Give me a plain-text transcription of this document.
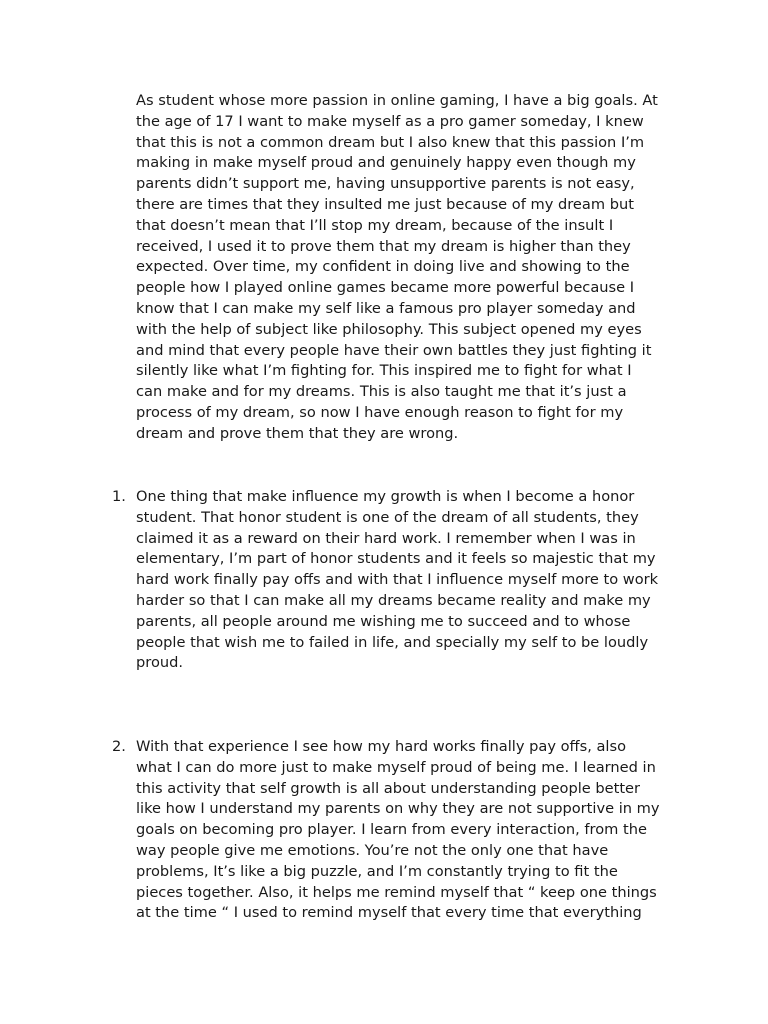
As student whose more passion in online gaming, I have a big goals. At
the age of 17 I want to make myself as a pro gamer someday, I knew
that this is not a common dream but I also knew that this passion I’m
making in make myself proud and genuinely happy even though my
parents didn’t support me, having unsupportive parents is not easy,
there are times that they insulted me just because of my dream but
that doesn’t mean that I’ll stop my dream, because of the insult I
received, I used it to prove them that my dream is higher than they
expected. Over time, my confident in doing live and showing to the
people how I played online games became more powerful because I
know that I can make my self like a famous pro player someday and
with the help of subject like philosophy. This subject opened my eyes
and mind that every people have their own battles they just fighting it
silently like what I’m fighting for. This inspired me to fight for what I
can make and for my dreams. This is also taught me that it’s just a
process of my dream, so now I have enough reason to fight for my
dream and prove them that they are wrong.

1. One thing that make influence my growth is when I become a honor
student. That honor student is one of the dream of all students, they
claimed it as a reward on their hard work. I remember when I was in
elementary, I’m part of honor students and it feels so majestic that my
hard work finally pay offs and with that I influence myself more to work
harder so that I can make all my dreams became reality and make my
parents, all people around me wishing me to succeed and to whose
people that wish me to failed in life, and specially my self to be loudly
proud.

2. With that experience I see how my hard works finally pay offs, also
what I can do more just to make myself proud of being me. I learned in
this activity that self growth is all about understanding people better
like how I understand my parents on why they are not supportive in my
goals on becoming pro player. I learn from every interaction, from the
way people give me emotions. You’re not the only one that have
problems, It’s like a big puzzle, and I’m constantly trying to fit the
pieces together. Also, it helps me remind myself that “ keep one things
at the time “ I used to remind myself that every time that everything
